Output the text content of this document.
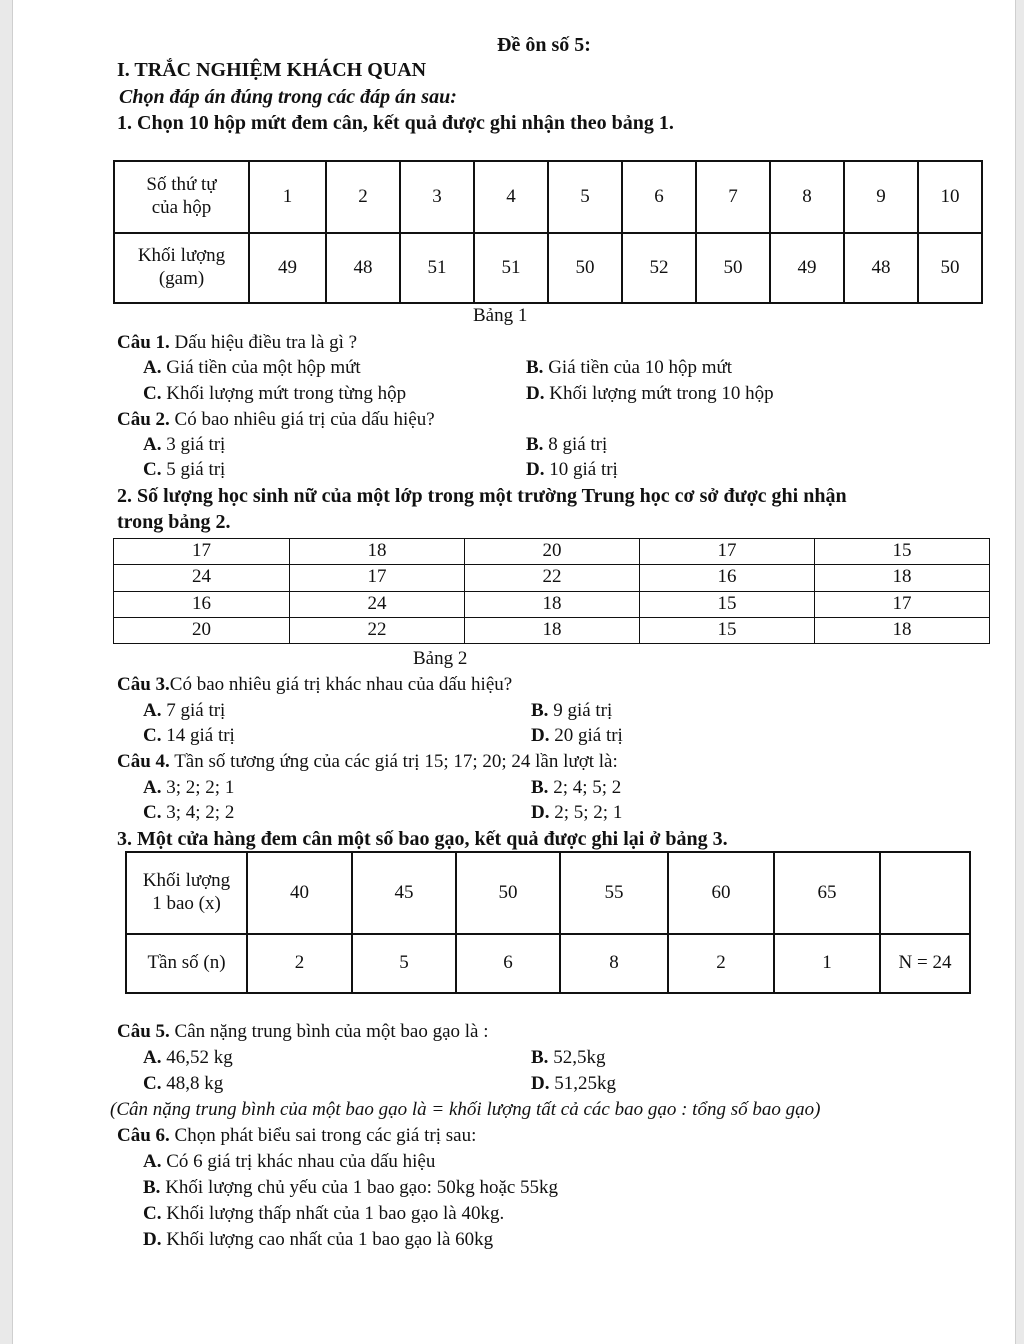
Đề ôn số 5:
I. TRẮC NGHIỆM KHÁCH QUAN
Chọn đáp án đúng trong các đáp án sau:
1. Chọn 10 hộp mứt đem cân, kết quả được ghi nhận theo bảng 1.
Số thứ tự
của hộp	1	2	3	4	5	6	7	8	9	10
Khối lượng
(gam)	49	48	51	51	50	52	50	49	48	50
Bảng 1
Câu 1. Dấu hiệu điều tra là gì ?
A. Giá tiền của một hộp mứt	B. Giá tiền của 10 hộp mứt
C. Khối lượng mứt trong từng hộp	D. Khối lượng mứt trong 10 hộp
Câu 2. Có bao nhiêu giá trị của dấu hiệu?
A. 3 giá trị	B. 8 giá trị
C. 5 giá trị	D. 10 giá trị
2. Số lượng học sinh nữ của một lớp trong một trường Trung học cơ sở được ghi nhận
trong bảng 2.
17	18	20	17	15
24	17	22	16	18
16	24	18	15	17
20	22	18	15	18
Bảng 2
Câu 3.Có bao nhiêu giá trị khác nhau của dấu hiệu?
A. 7 giá trị	B. 9 giá trị
C. 14 giá trị	D. 20 giá trị
Câu 4. Tần số tương ứng của các giá trị 15; 17; 20; 24 lần lượt là:
A. 3; 2; 2; 1	B. 2; 4; 5; 2
C. 3; 4; 2; 2	D. 2; 5; 2; 1
3. Một cửa hàng đem cân một số bao gạo, kết quả được ghi lại ở bảng 3.
Khối lượng
1 bao (x)	40	45	50	55	60	65	
Tần số (n)	2	5	6	8	2	1	N = 24
Câu 5. Cân nặng trung bình của một bao gạo là :
A. 46,52 kg	B. 52,5kg
C. 48,8 kg	D. 51,25kg
(Cân nặng trung bình của một bao gạo là = khối lượng tất cả các bao gạo : tổng số bao gạo)
Câu 6. Chọn phát biểu sai trong các giá trị sau:
A. Có 6 giá trị khác nhau của dấu hiệu
B. Khối lượng chủ yếu của 1 bao gạo: 50kg hoặc 55kg
C. Khối lượng thấp nhất của 1 bao gạo là 40kg.
D. Khối lượng cao nhất của 1 bao gạo là 60kg
